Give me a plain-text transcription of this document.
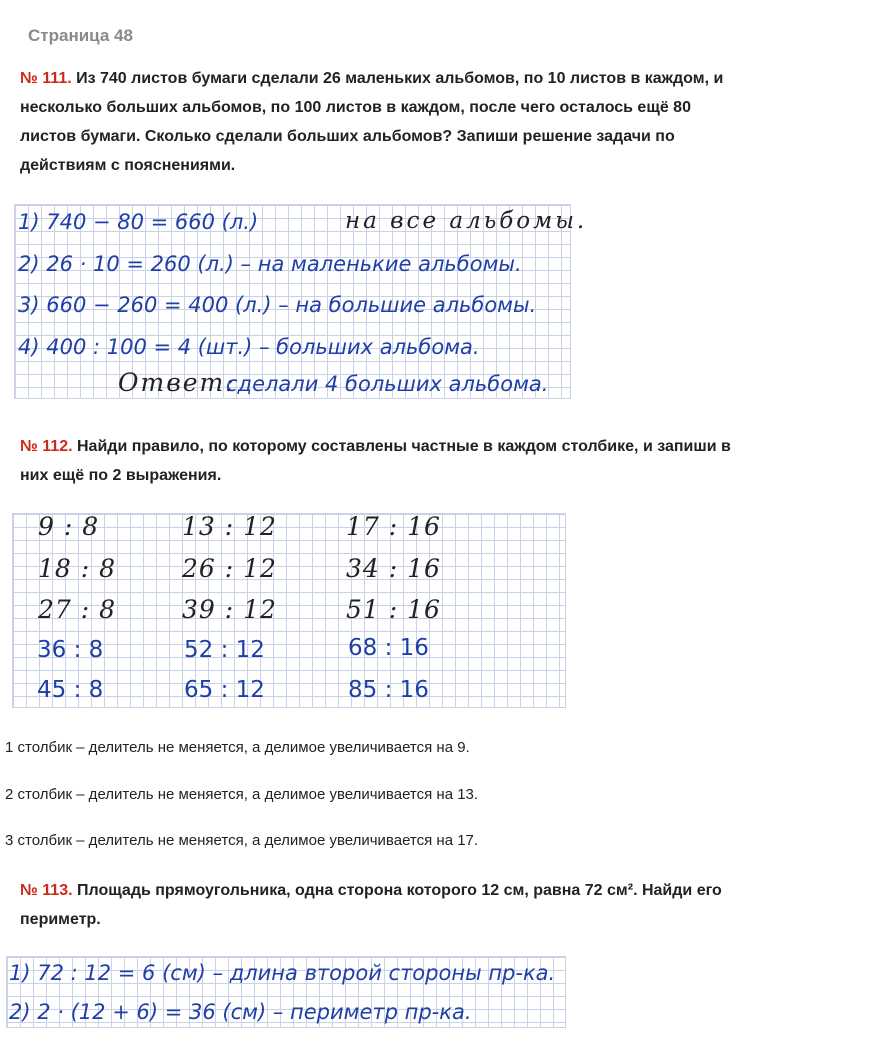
Страница 48
№ 111. Из 740 листов бумаги сделали 26 маленьких альбомов, по 10 листов в каждом, и
несколько больших альбомов, по 100 листов в каждом, после чего осталось ещё 80
листов бумаги. Сколько сделали больших альбомов? Запиши решение задачи по
действиям с пояснениями.
1) 740 − 80 = 660 (л.)	на все альбомы.
2) 26 · 10 = 260 (л.) – на маленькие альбомы.
3) 660 − 260 = 400 (л.) – на большие альбомы.
4) 400 : 100 = 4 (шт.) – больших альбома.
Ответ:
сделали 4 больших альбома.
№ 112. Найди правило, по которому составлены частные в каждом столбике, и запиши в
них ещё по 2 выражения.
9 : 8
18 : 8
27 : 8
36 : 8
45 : 8
13 : 12
26 : 12
39 : 12
52 : 12
65 : 12
17 : 16
34 : 16
51 : 16
68 : 16
85 : 16
1 столбик – делитель не меняется, а делимое увеличивается на 9.
2 столбик – делитель не меняется, а делимое увеличивается на 13.
3 столбик – делитель не меняется, а делимое увеличивается на 17.
№ 113. Площадь прямоугольника, одна сторона которого 12 см, равна 72 см². Найди его
периметр.
1) 72 : 12 = 6 (см) – длина второй стороны пр-ка.
2) 2 · (12 + 6) = 36 (см) – периметр пр-ка.
